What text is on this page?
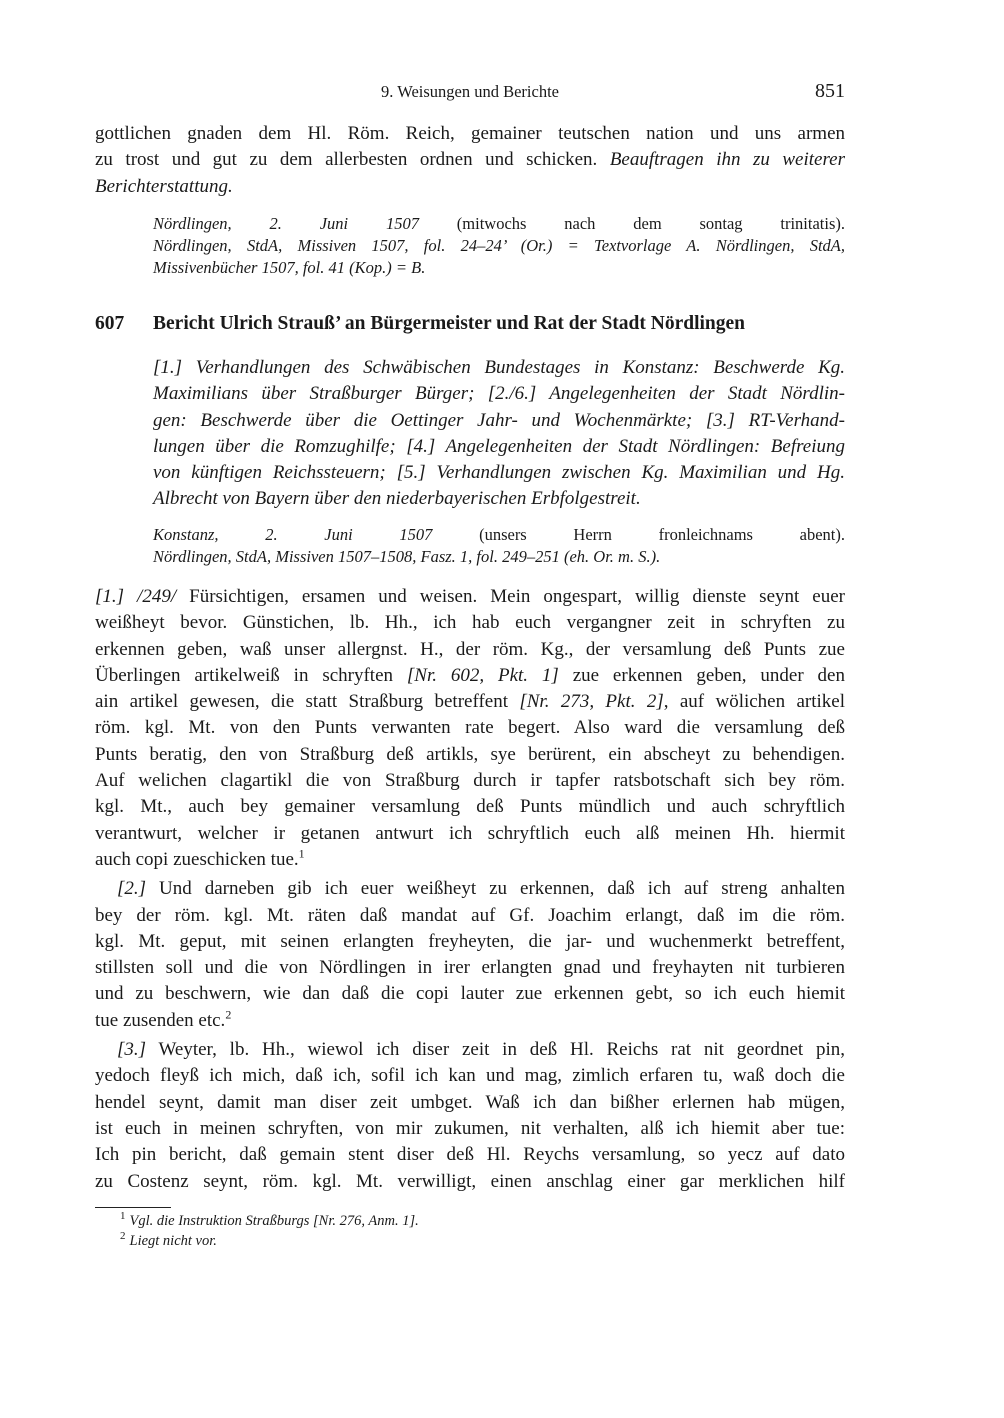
9. Weisungen und Berichte	851
gottlichen gnaden dem Hl. Röm. Reich, gemainer teutschen nation und uns armen
zu trost und gut zu dem allerbesten ordnen und schicken. Beauftragen ihn zu weiterer
Berichterstattung.
Nördlingen, 2. Juni 1507 (mitwochs nach dem sontag trinitatis).
Nördlingen, StdA, Missiven 1507, fol. 24–24’ (Or.) = Textvorlage A. Nördlingen, StdA,
Missivenbücher 1507, fol. 41 (Kop.) = B.
607 Bericht Ulrich Strauß’ an Bürgermeister und Rat der Stadt Nördlingen
[1.] Verhandlungen des Schwäbischen Bundestages in Konstanz: Beschwerde Kg.
Maximilians über Straßburger Bürger; [2./6.] Angelegenheiten der Stadt Nördlin-
gen: Beschwerde über die Oettinger Jahr- und Wochenmärkte; [3.] RT-Verhand-
lungen über die Romzughilfe; [4.] Angelegenheiten der Stadt Nördlingen: Befreiung
von künftigen Reichssteuern; [5.] Verhandlungen zwischen Kg. Maximilian und Hg.
Albrecht von Bayern über den niederbayerischen Erbfolgestreit.
Konstanz, 2. Juni 1507 (unsers Herrn fronleichnams abent).
Nördlingen, StdA, Missiven 1507–1508, Fasz. 1, fol. 249–251 (eh. Or. m. S.).
[1.] /249/ Fürsichtigen, ersamen und weisen. Mein ongespart, willig dienste seynt euer
weißheyt bevor. Günstichen, lb. Hh., ich hab euch vergangner zeit in schryften zu
erkennen geben, waß unser allergnst. H., der röm. Kg., der versamlung deß Punts zue
Überlingen artikelweiß in schryften [Nr. 602, Pkt. 1] zue erkennen geben, under den
ain artikel gewesen, die statt Straßburg betreffent [Nr. 273, Pkt. 2], auf wölichen artikel
röm. kgl. Mt. von den Punts verwanten rate begert. Also ward die versamlung deß
Punts beratig, den von Straßburg deß artikls, sye berürent, ein abscheyt zu behendigen.
Auf welichen clagartikl die von Straßburg durch ir tapfer ratsbotschaft sich bey röm.
kgl. Mt., auch bey gemainer versamlung deß Punts mündlich und auch schryftlich
verantwurt, welcher ir getanen antwurt ich schryftlich euch alß meinen Hh. hiermit
auch copi zueschicken tue.$^1$
[2.] Und darneben gib ich euer weißheyt zu erkennen, daß ich auf streng anhalten
bey der röm. kgl. Mt. räten daß mandat auf Gf. Joachim erlangt, daß im die röm.
kgl. Mt. geput, mit seinen erlangten freyheyten, die jar- und wuchenmerkt betreffent,
stillsten soll und die von Nördlingen in irer erlangten gnad und freyhayten nit turbieren
und zu beschwern, wie dan daß die copi lauter zue erkennen gebt, so ich euch hiemit
tue zusenden etc.$^2$
[3.] Weyter, lb. Hh., wiewol ich diser zeit in deß Hl. Reichs rat nit geordnet pin,
yedoch fleyß ich mich, daß ich, sofil ich kan und mag, zimlich erfaren tu, waß doch die
hendel seynt, damit man diser zeit umbget. Waß ich dan bißher erlernen hab mügen,
ist euch in meinen schryften, von mir zukumen, nit verhalten, alß ich hiemit aber tue:
Ich pin bericht, daß gemain stent diser deß Hl. Reychs versamlung, so yecz auf dato
zu Costenz seynt, röm. kgl. Mt. verwilligt, einen anschlag einer gar merklichen hilf
$^1$ Vgl. die Instruktion Straßburgs [Nr. 276, Anm. 1].
$^2$ Liegt nicht vor.
